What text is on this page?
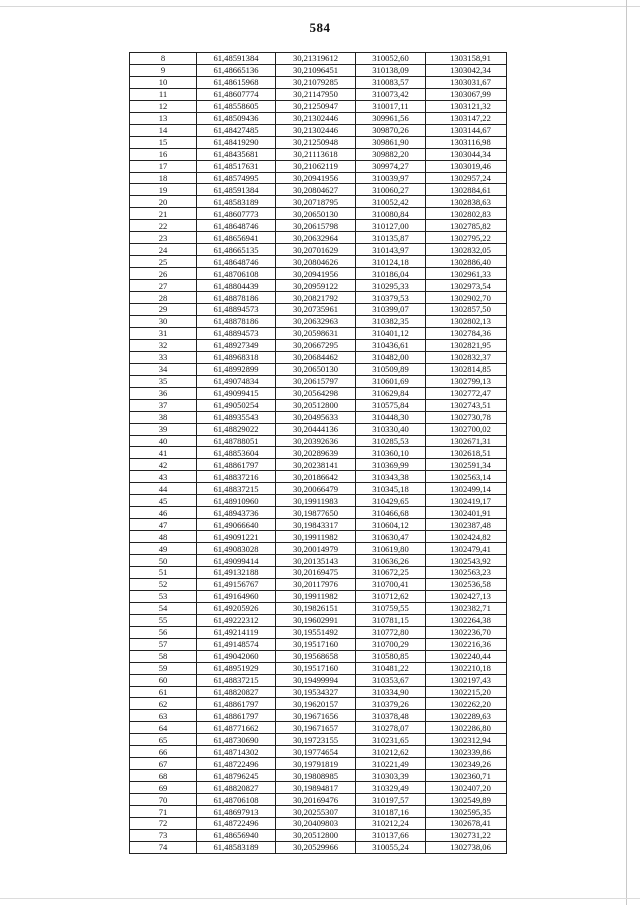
584
8	61,48591384	30,21319612	310052,60	1303158,91
9	61,48665136	30,21096451	310138,09	1303042,34
10	61,48615968	30,21079285	310083,57	1303031,67
11	61,48607774	30,21147950	310073,42	1303067,99
12	61,48558605	30,21250947	310017,11	1303121,32
13	61,48509436	30,21302446	309961,56	1303147,22
14	61,48427485	30,21302446	309870,26	1303144,67
15	61,48419290	30,21250948	309861,90	1303116,98
16	61,48435681	30,21113618	309882,20	1303044,34
17	61,48517631	30,21062119	309974,27	1303019,46
18	61,48574995	30,20941956	310039,97	1302957,24
19	61,48591384	30,20804627	310060,27	1302884,61
20	61,48583189	30,20718795	310052,42	1302838,63
21	61,48607773	30,20650130	310080,84	1302802,83
22	61,48648746	30,20615798	310127,00	1302785,82
23	61,48656941	30,20632964	310135,87	1302795,22
24	61,48665135	30,20701629	310143,97	1302832,05
25	61,48648746	30,20804626	310124,18	1302886,40
26	61,48706108	30,20941956	310186,04	1302961,33
27	61,48804439	30,20959122	310295,33	1302973,54
28	61,48878186	30,20821792	310379,53	1302902,70
29	61,48894573	30,20735961	310399,07	1302857,50
30	61,48878186	30,20632963	310382,35	1302802,13
31	61,48894573	30,20598631	310401,12	1302784,36
32	61,48927349	30,20667295	310436,61	1302821,95
33	61,48968318	30,20684462	310482,00	1302832,37
34	61,48992899	30,20650130	310509,89	1302814,85
35	61,49074834	30,20615797	310601,69	1302799,13
36	61,49099415	30,20564298	310629,84	1302772,47
37	61,49050254	30,20512800	310575,84	1302743,51
38	61,48935543	30,20495633	310448,30	1302730,78
39	61,48829022	30,20444136	310330,40	1302700,02
40	61,48788051	30,20392636	310285,53	1302671,31
41	61,48853604	30,20289639	310360,10	1302618,51
42	61,48861797	30,20238141	310369,99	1302591,34
43	61,48837216	30,20186642	310343,38	1302563,14
44	61,48837215	30,20066479	310345,18	1302499,14
45	61,48910960	30,19911983	310429,65	1302419,17
46	61,48943736	30,19877650	310466,68	1302401,91
47	61,49066640	30,19843317	310604,12	1302387,48
48	61,49091221	30,19911982	310630,47	1302424,82
49	61,49083028	30,20014979	310619,80	1302479,41
50	61,49099414	30,20135143	310636,26	1302543,92
51	61,49132188	30,20169475	310672,25	1302563,23
52	61,49156767	30,20117976	310700,41	1302536,58
53	61,49164960	30,19911982	310712,62	1302427,13
54	61,49205926	30,19826151	310759,55	1302382,71
55	61,49222312	30,19602991	310781,15	1302264,38
56	61,49214119	30,19551492	310772,80	1302236,70
57	61,49148574	30,19517160	310700,29	1302216,36
58	61,49042060	30,19568658	310580,85	1302240,44
59	61,48951929	30,19517160	310481,22	1302210,18
60	61,48837215	30,19499994	310353,67	1302197,43
61	61,48820827	30,19534327	310334,90	1302215,20
62	61,48861797	30,19620157	310379,26	1302262,20
63	61,48861797	30,19671656	310378,48	1302289,63
64	61,48771662	30,19671657	310278,07	1302286,80
65	61,48730690	30,19723155	310231,65	1302312,94
66	61,48714302	30,19774654	310212,62	1302339,86
67	61,48722496	30,19791819	310221,49	1302349,26
68	61,48796245	30,19808985	310303,39	1302360,71
69	61,48820827	30,19894817	310329,49	1302407,20
70	61,48706108	30,20169476	310197,57	1302549,89
71	61,48697913	30,20255307	310187,16	1302595,35
72	61,48722496	30,20409803	310212,24	1302678,41
73	61,48656940	30,20512800	310137,66	1302731,22
74	61,48583189	30,20529966	310055,24	1302738,06
